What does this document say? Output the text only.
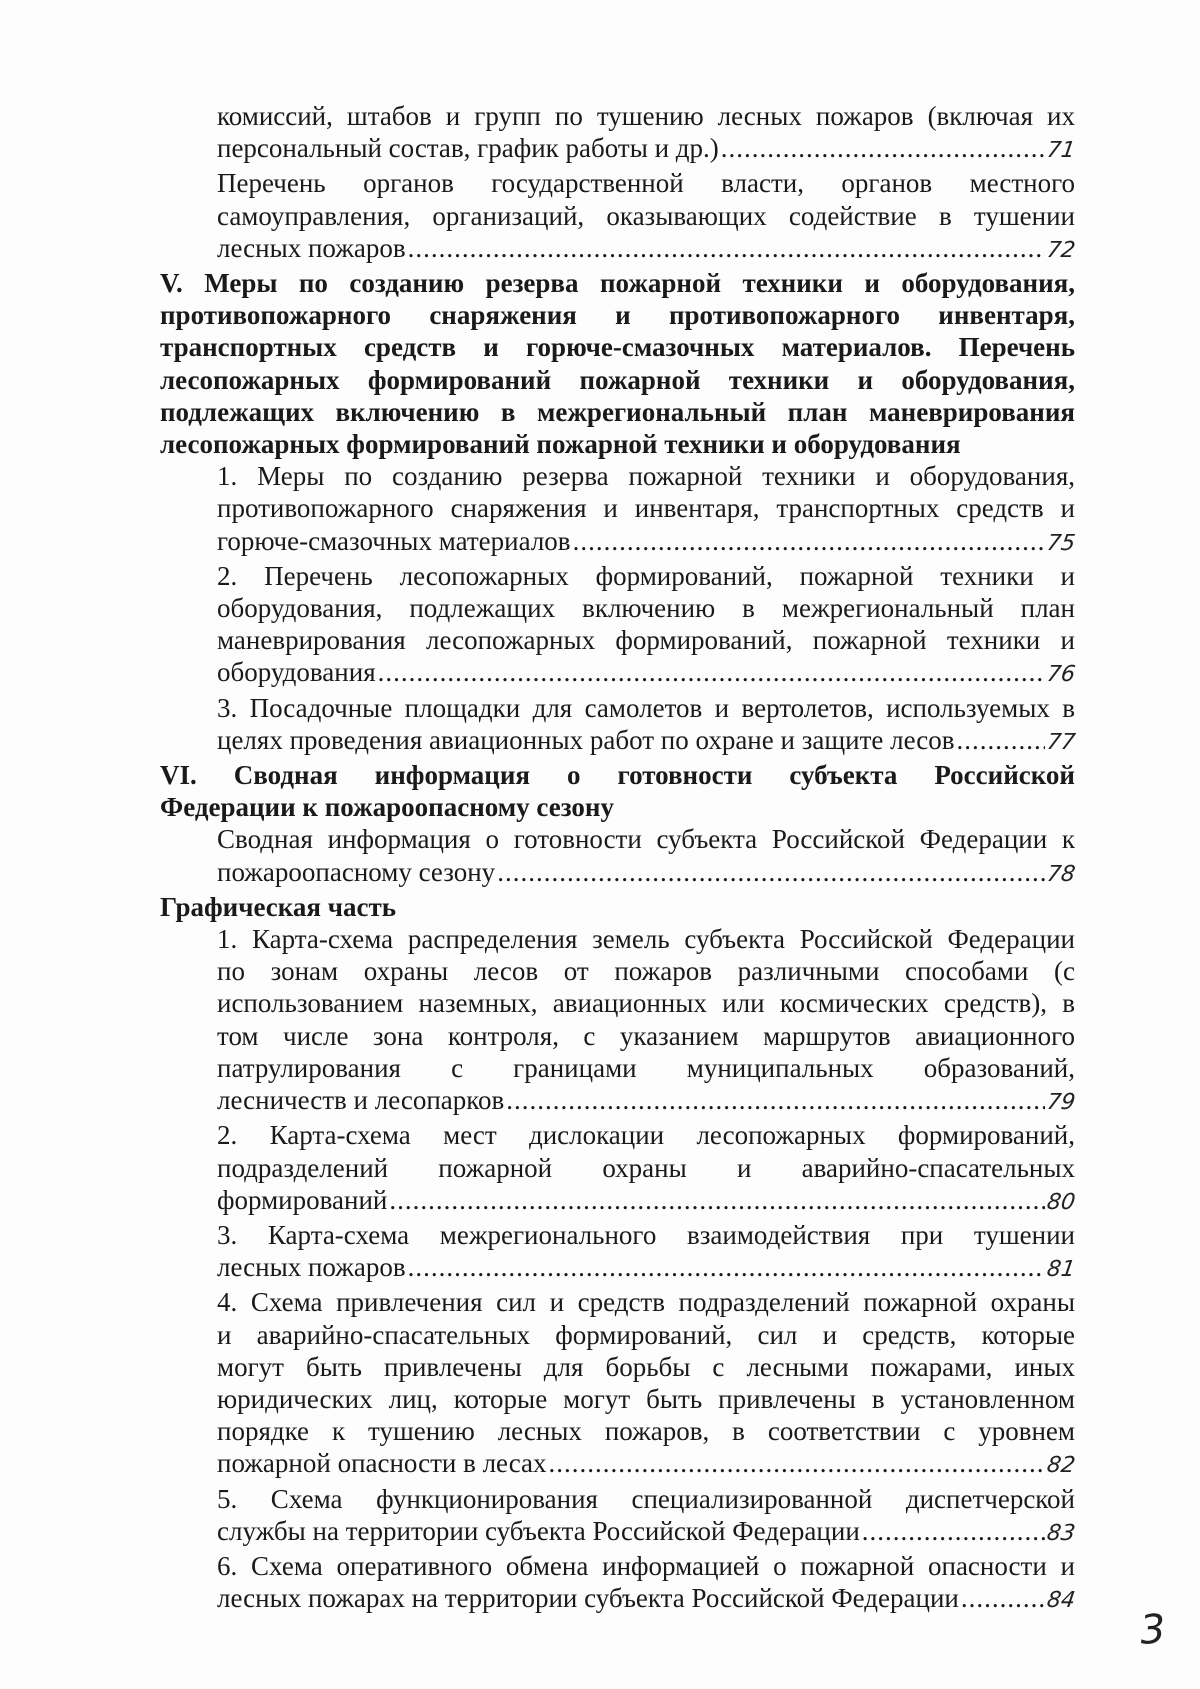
комиссий, штабов и групп по тушению лесных пожаров (включая их
персональный состав, график работы и др.) .....	71
Перечень органов государственной власти, органов местного
самоуправления, организаций, оказывающих содействие в тушении
лесных пожаров .....	72
V. Меры по созданию резерва пожарной техники и оборудования,
противопожарного снаряжения и противопожарного инвентаря,
транспортных средств и горюче-смазочных материалов. Перечень
лесопожарных формирований пожарной техники и оборудования,
подлежащих включению в межрегиональный план маневрирования
лесопожарных формирований пожарной техники и оборудования
1. Меры по созданию резерва пожарной техники и оборудования,
противопожарного снаряжения и инвентаря, транспортных средств и
горюче-смазочных материалов .....	75
2. Перечень лесопожарных формирований, пожарной техники и
оборудования, подлежащих включению в межрегиональный план
маневрирования лесопожарных формирований, пожарной техники и
оборудования .....	76
3. Посадочные площадки для самолетов и вертолетов, используемых в
целях проведения авиационных работ по охране и защите лесов .....	77
VI. Сводная информация о готовности субъекта Российской
Федерации к пожароопасному сезону
Сводная информация о готовности субъекта Российской Федерации к
пожароопасному сезону .....	78
Графическая часть
1. Карта-схема распределения земель субъекта Российской Федерации
по зонам охраны лесов от пожаров различными способами (с
использованием наземных, авиационных или космических средств), в
том числе зона контроля, с указанием маршрутов авиационного
патрулирования с границами муниципальных образований,
лесничеств и лесопарков .....	79
2. Карта-схема мест дислокации лесопожарных формирований,
подразделений пожарной охраны и аварийно-спасательных
формирований .....	80
3. Карта-схема межрегионального взаимодействия при тушении
лесных пожаров .....	81
4. Схема привлечения сил и средств подразделений пожарной охраны
и аварийно-спасательных формирований, сил и средств, которые
могут быть привлечены для борьбы с лесными пожарами, иных
юридических лиц, которые могут быть привлечены в установленном
порядке к тушению лесных пожаров, в соответствии с уровнем
пожарной опасности в лесах .....	82
5. Схема функционирования специализированной диспетчерской
службы на территории субъекта Российской Федерации .....	83
6. Схема оперативного обмена информацией о пожарной опасности и
лесных пожарах на территории субъекта Российской Федерации .....	84
3
